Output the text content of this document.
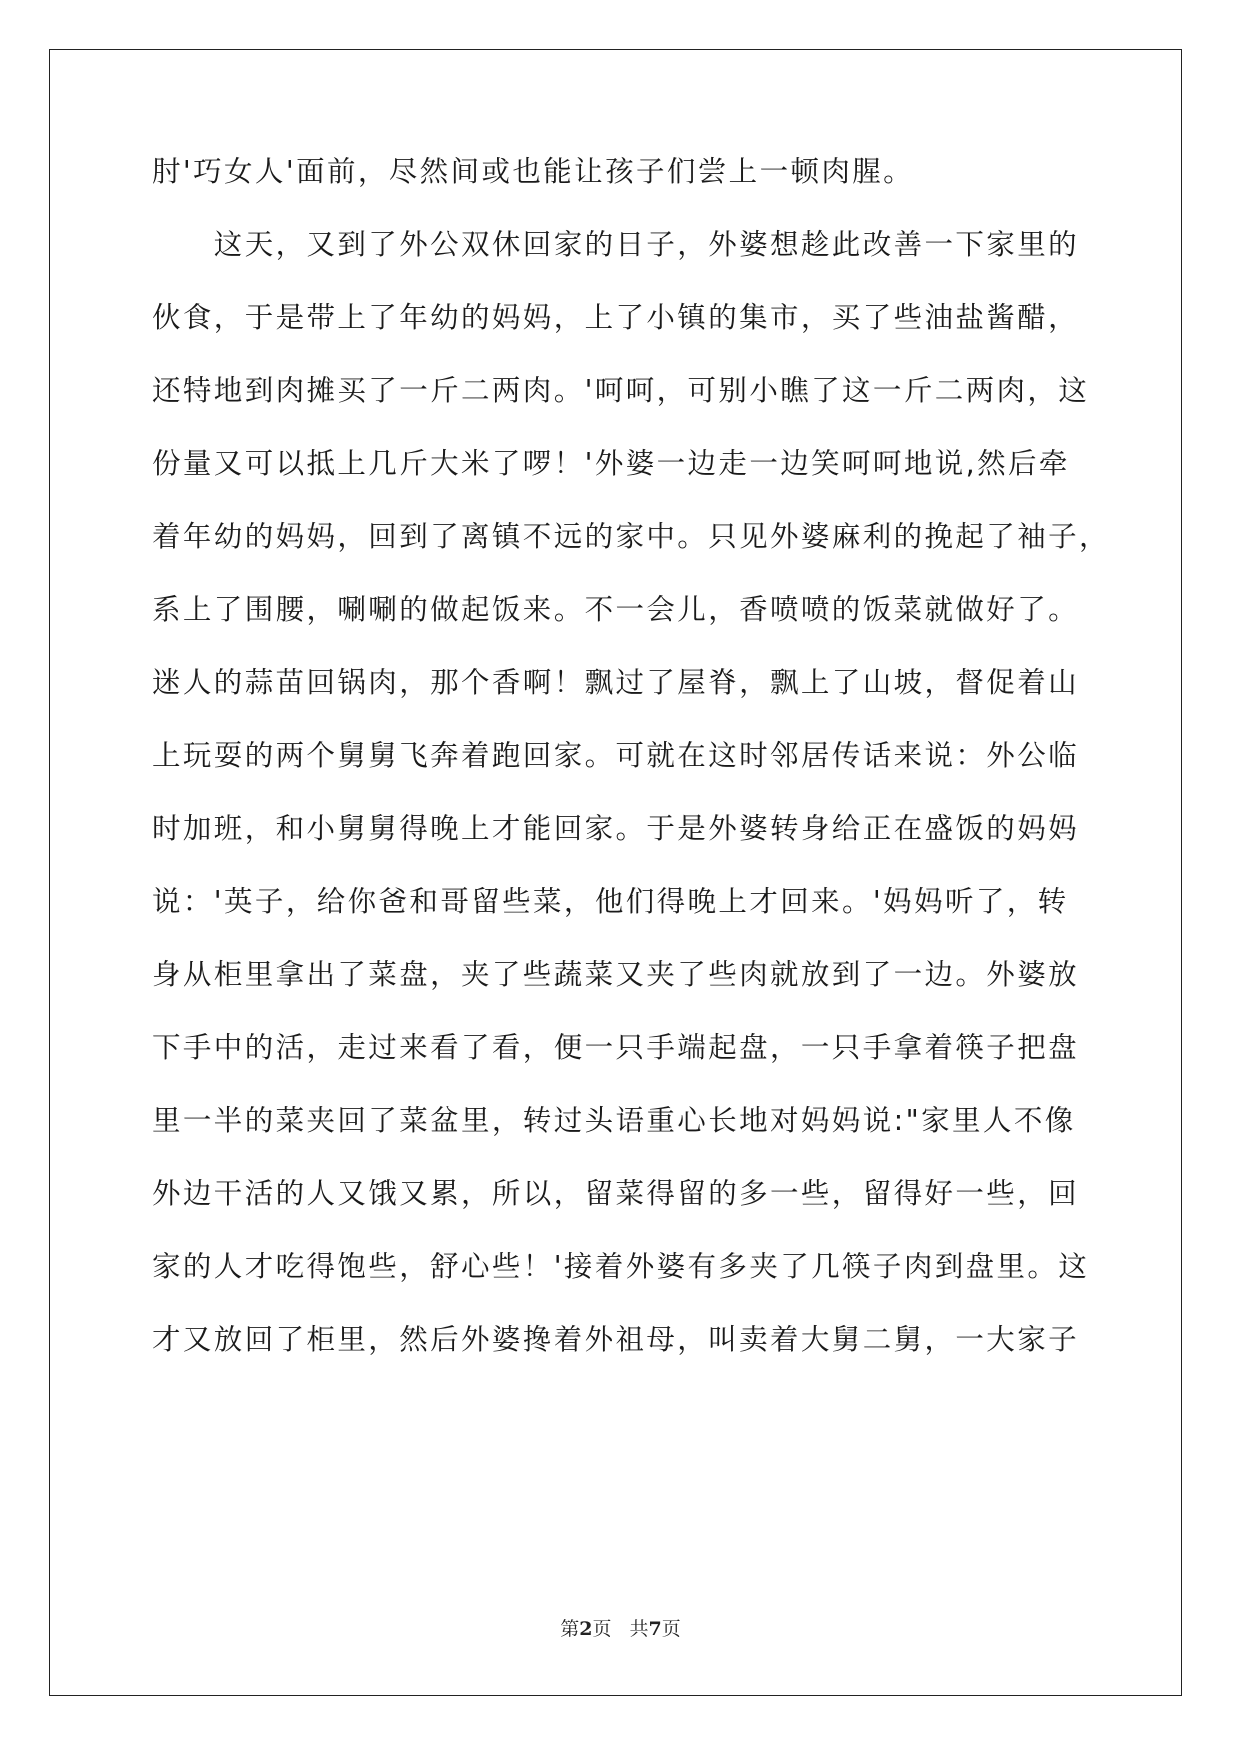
肘'巧女人'面前，尽然间或也能让孩子们尝上一顿肉腥。
　　这天，又到了外公双休回家的日子，外婆想趁此改善一下家里的
伙食，于是带上了年幼的妈妈，上了小镇的集市，买了些油盐酱醋，
还特地到肉摊买了一斤二两肉。'呵呵，可别小瞧了这一斤二两肉，这
份量又可以抵上几斤大米了啰！'外婆一边走一边笑呵呵地说,然后牵
着年幼的妈妈，回到了离镇不远的家中。只见外婆麻利的挽起了袖子，
系上了围腰，唰唰的做起饭来。不一会儿，香喷喷的饭菜就做好了。
迷人的蒜苗回锅肉，那个香啊！飘过了屋脊，飘上了山坡，督促着山
上玩耍的两个舅舅飞奔着跑回家。可就在这时邻居传话来说：外公临
时加班，和小舅舅得晚上才能回家。于是外婆转身给正在盛饭的妈妈
说：'英子，给你爸和哥留些菜，他们得晚上才回来。'妈妈听了，转
身从柜里拿出了菜盘，夹了些蔬菜又夹了些肉就放到了一边。外婆放
下手中的活，走过来看了看，便一只手端起盘，一只手拿着筷子把盘
里一半的菜夹回了菜盆里，转过头语重心长地对妈妈说:"家里人不像
外边干活的人又饿又累，所以，留菜得留的多一些，留得好一些，回
家的人才吃得饱些，舒心些！'接着外婆有多夹了几筷子肉到盘里。这
才又放回了柜里，然后外婆搀着外祖母，叫卖着大舅二舅，一大家子
第2页 共7页
